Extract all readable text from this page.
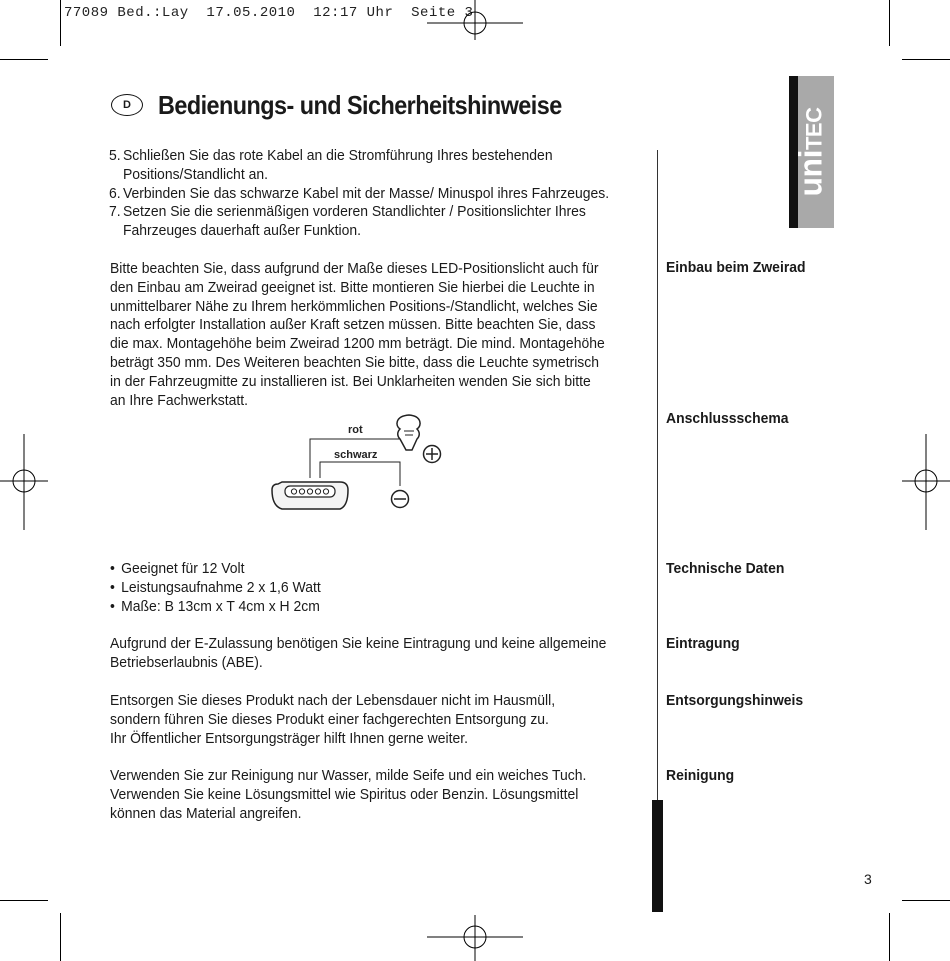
77089 Bed.:Lay  17.05.2010  12:17 Uhr  Seite 3
D	Bedienungs- und Sicherheitshinweise
uniTEC
5. Schließen Sie das rote Kabel an die Stromführung Ihres bestehenden
Positions/Standlicht an.
6. Verbinden Sie das schwarze Kabel mit der Masse/ Minuspol ihres Fahrzeuges.
7. Setzen Sie die serienmäßigen vorderen Standlichter / Positionslichter Ihres
Fahrzeuges dauerhaft außer Funktion.
Bitte beachten Sie, dass aufgrund der Maße dieses LED-Positionslicht auch für
den Einbau am Zweirad geeignet ist. Bitte montieren Sie hierbei die Leuchte in
unmittelbarer Nähe zu Ihrem herkömmlichen Positions-/Standlicht, welches Sie
nach erfolgter Installation außer Kraft setzen müssen. Bitte beachten Sie, dass
die max. Montagehöhe beim Zweirad 1200 mm beträgt. Die mind. Montagehöhe
beträgt 350 mm. Des Weiteren beachten Sie bitte, dass die Leuchte symetrisch
in der Fahrzeugmitte zu installieren ist. Bei Unklarheiten wenden Sie sich bitte
an Ihre Fachwerkstatt.
rot
schwarz
• Geeignet für 12 Volt
• Leistungsaufnahme 2 x 1,6 Watt
• Maße: B 13cm x T 4cm x H 2cm
Aufgrund der E-Zulassung benötigen Sie keine Eintragung und keine allgemeine
Betriebserlaubnis (ABE).
Entsorgen Sie dieses Produkt nach der Lebensdauer nicht im Hausmüll,
sondern führen Sie dieses Produkt einer fachgerechten Entsorgung zu.
Ihr Öffentlicher Entsorgungsträger hilft Ihnen gerne weiter.
Verwenden Sie zur Reinigung nur Wasser, milde Seife und ein weiches Tuch.
Verwenden Sie keine Lösungsmittel wie Spiritus oder Benzin. Lösungsmittel
können das Material angreifen.
Einbau beim Zweirad
Anschlussschema
Technische Daten
Eintragung
Entsorgungshinweis
Reinigung
3
